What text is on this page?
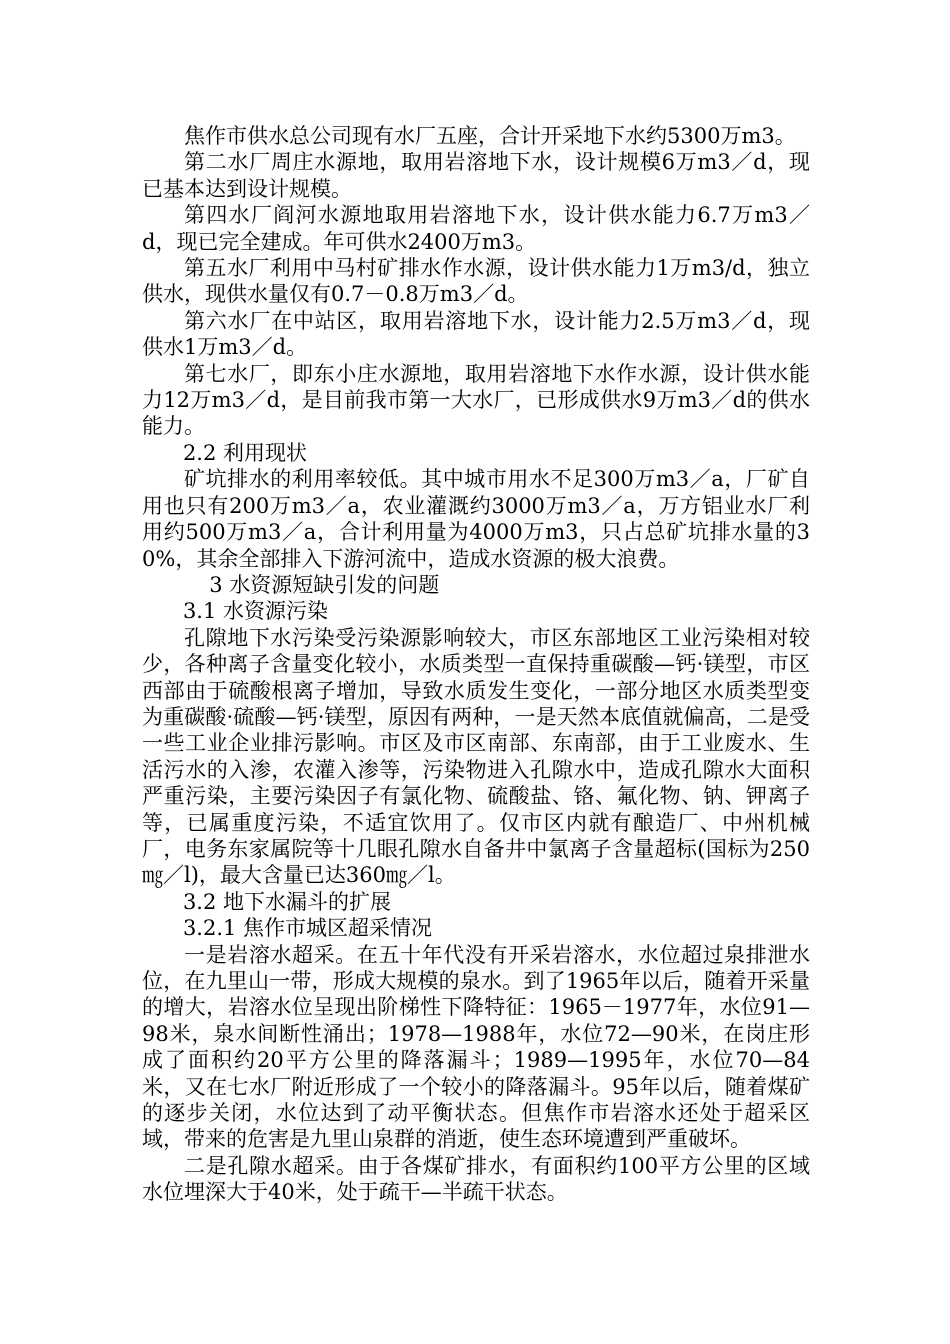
焦作市供水总公司现有水厂五座，合计开采地下水约5300万m3。

第二水厂周庄水源地，取用岩溶地下水，设计规模6万m3／d，现已基本达到设计规模。

第四水厂阎河水源地取用岩溶地下水，设计供水能力6.7万m3／d，现已完全建成。年可供水2400万m3。

第五水厂利用中马村矿排水作水源，设计供水能力1万m3/d，独立供水，现供水量仅有0.7－0.8万m3／d。

第六水厂在中站区，取用岩溶地下水，设计能力2.5万m3／d，现供水1万m3／d。

第七水厂，即东小庄水源地，取用岩溶地下水作水源，设计供水能力12万m3／d，是目前我市第一大水厂，已形成供水9万m3／d的供水能力。

2.2 利用现状

矿坑排水的利用率较低。其中城市用水不足300万m3／a，厂矿自用也只有200万m3／a，农业灌溉约3000万m3／a，万方铝业水厂利用约500万m3／a，合计利用量为4000万m3，只占总矿坑排水量的30%，其余全部排入下游河流中，造成水资源的极大浪费。

3 水资源短缺引发的问题

3.1 水资源污染

孔隙地下水污染受污染源影响较大，市区东部地区工业污染相对较少，各种离子含量变化较小，水质类型一直保持重碳酸—钙·镁型，市区西部由于硫酸根离子增加，导致水质发生变化，一部分地区水质类型变为重碳酸·硫酸—钙·镁型，原因有两种，一是天然本底值就偏高，二是受一些工业企业排污影响。市区及市区南部、东南部，由于工业废水、生活污水的入渗，农灌入渗等，污染物进入孔隙水中，造成孔隙水大面积严重污染，主要污染因子有氯化物、硫酸盐、铬、氟化物、钠、钾离子等，已属重度污染，不适宜饮用了。仅市区内就有酿造厂、中州机械厂，电务东家属院等十几眼孔隙水自备井中氯离子含量超标(国标为250㎎／l)，最大含量已达360㎎／l。

3.2 地下水漏斗的扩展

3.2.1 焦作市城区超采情况

一是岩溶水超采。在五十年代没有开采岩溶水，水位超过泉排泄水位，在九里山一带，形成大规模的泉水。到了1965年以后，随着开采量的增大，岩溶水位呈现出阶梯性下降特征：1965－1977年，水位91—98米，泉水间断性涌出；1978—1988年，水位72—90米，在岗庄形成了面积约20平方公里的降落漏斗；1989—1995年，水位70—84米，又在七水厂附近形成了一个较小的降落漏斗。95年以后，随着煤矿的逐步关闭，水位达到了动平衡状态。但焦作市岩溶水还处于超采区域，带来的危害是九里山泉群的消逝，使生态环境遭到严重破坏。

二是孔隙水超采。由于各煤矿排水，有面积约100平方公里的区域水位埋深大于40米，处于疏干—半疏干状态。
